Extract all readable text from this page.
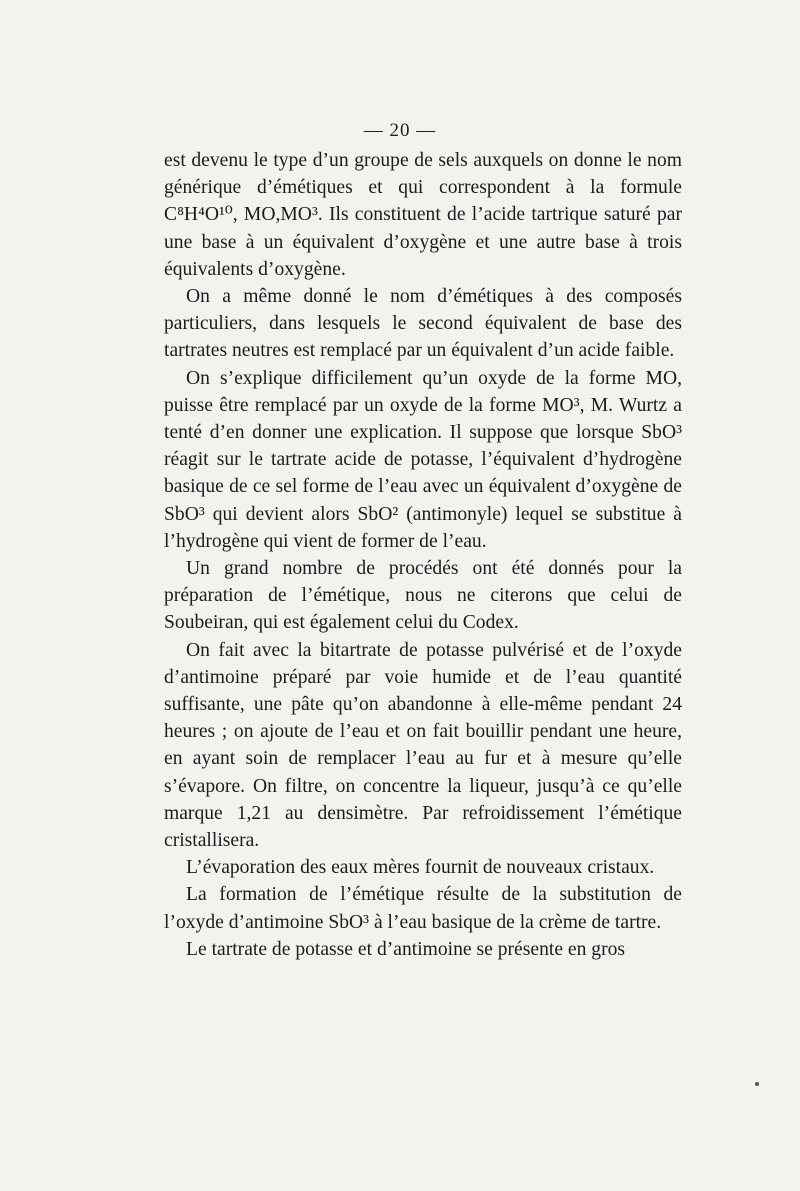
— 20 —

est devenu le type d’un groupe de sels auxquels on donne le nom générique d’émétiques et qui correspondent à la formule C⁸H⁴O¹⁰, MO,MO³. Ils constituent de l’acide tartrique saturé par une base à un équivalent d’oxygène et une autre base à trois équivalents d’oxygène.

On a même donné le nom d’émétiques à des composés particuliers, dans lesquels le second équivalent de base des tartrates neutres est remplacé par un équivalent d’un acide faible.

On s’explique difficilement qu’un oxyde de la forme MO, puisse être remplacé par un oxyde de la forme MO³, M. Wurtz a tenté d’en donner une explication. Il suppose que lorsque SbO³ réagit sur le tartrate acide de potasse, l’équivalent d’hydrogène basique de ce sel forme de l’eau avec un équivalent d’oxygène de SbO³ qui devient alors SbO² (antimonyle) lequel se substitue à l’hydrogène qui vient de former de l’eau.

Un grand nombre de procédés ont été donnés pour la préparation de l’émétique, nous ne citerons que celui de Soubeiran, qui est également celui du Codex.

On fait avec la bitartrate de potasse pulvérisé et de l’oxyde d’antimoine préparé par voie humide et de l’eau quantité suffisante, une pâte qu’on abandonne à elle-même pendant 24 heures ; on ajoute de l’eau et on fait bouillir pendant une heure, en ayant soin de remplacer l’eau au fur et à mesure qu’elle s’évapore. On filtre, on concentre la liqueur, jusqu’à ce qu’elle marque 1,21 au densimètre. Par refroidissement l’émétique cristallisera.

L’évaporation des eaux mères fournit de nouveaux cristaux.

La formation de l’émétique résulte de la substitution de l’oxyde d’antimoine SbO³ à l’eau basique de la crème de tartre.

Le tartrate de potasse et d’antimoine se présente en gros
